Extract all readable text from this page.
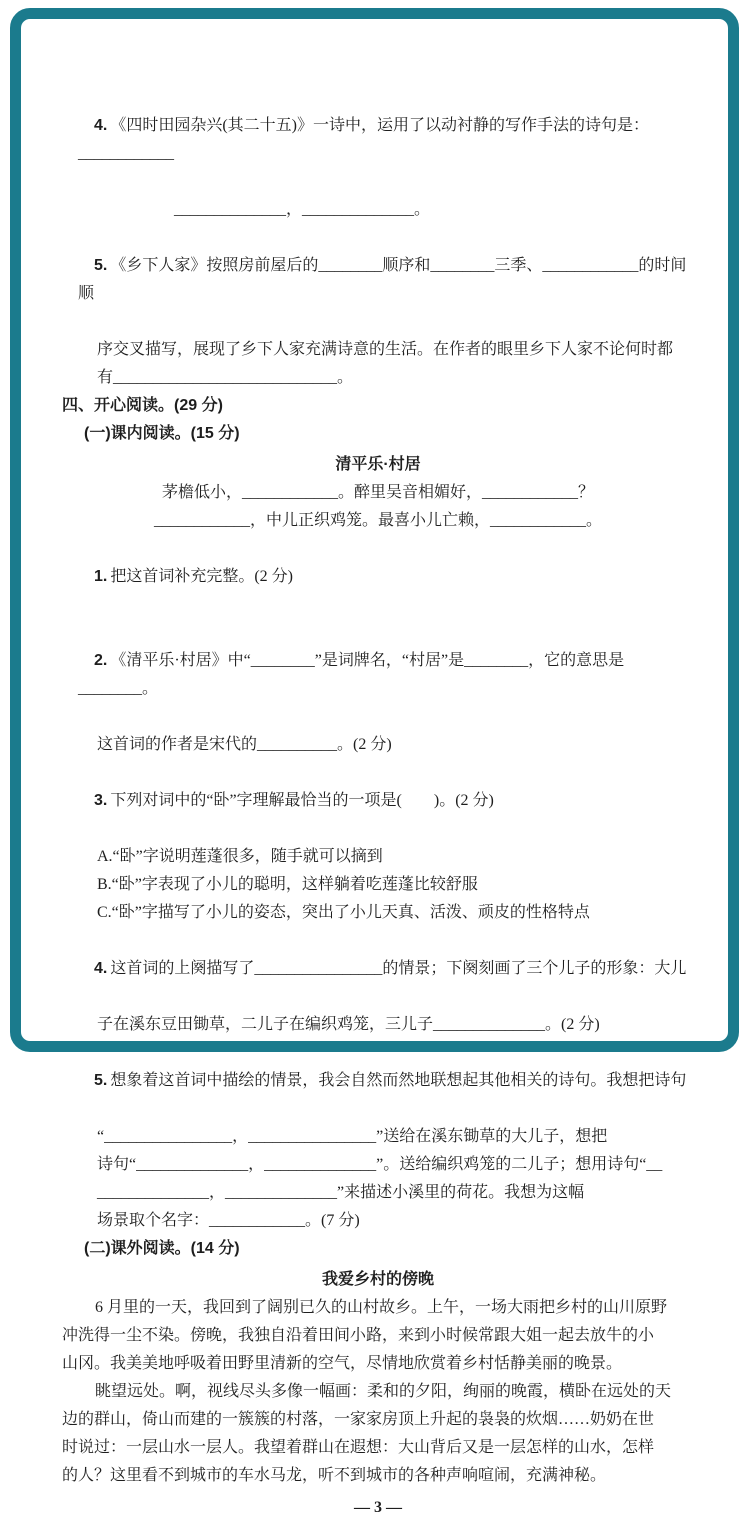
4. 《四时田园杂兴(其二十五)》一诗中，运用了以动衬静的写作手法的诗句是：____________

______________，______________。

5. 《乡下人家》按照房前屋后的________顺序和________三季、____________的时间顺

序交叉描写，展现了乡下人家充满诗意的生活。在作者的眼里乡下人家不论何时都
有____________________________。
四、开心阅读。(29 分)
(一)课内阅读。(15 分)
清平乐·村居
茅檐低小，____________。醉里吴音相媚好，____________？
____________，中儿正织鸡笼。最喜小儿亡赖，____________。

1. 把这首词补充完整。(2 分)

2. 《清平乐·村居》中“________”是词牌名，“村居”是________，它的意思是________。

这首词的作者是宋代的__________。(2 分)

3. 下列对词中的“卧”字理解最恰当的一项是(　　)。(2 分)

A.“卧”字说明莲蓬很多，随手就可以摘到
B.“卧”字表现了小儿的聪明，这样躺着吃莲蓬比较舒服
C.“卧”字描写了小儿的姿态，突出了小儿天真、活泼、顽皮的性格特点

4. 这首词的上阕描写了________________的情景；下阕刻画了三个儿子的形象：大儿

子在溪东豆田锄草，二儿子在编织鸡笼，三儿子______________。(2 分)

5. 想象着这首词中描绘的情景，我会自然而然地联想起其他相关的诗句。我想把诗句

“________________，________________”送给在溪东锄草的大儿子，想把
诗句“______________，______________”。送给编织鸡笼的二儿子；想用诗句“__
______________，______________”来描述小溪里的荷花。我想为这幅
场景取个名字：____________。(7 分)
(二)课外阅读。(14 分)
我爱乡村的傍晚
6 月里的一天，我回到了阔别已久的山村故乡。上午，一场大雨把乡村的山川原野
冲洗得一尘不染。傍晚，我独自沿着田间小路，来到小时候常跟大姐一起去放牛的小
山冈。我美美地呼吸着田野里清新的空气，尽情地欣赏着乡村恬静美丽的晚景。
眺望远处。啊，视线尽头多像一幅画：柔和的夕阳，绚丽的晚霞，横卧在远处的天
边的群山，倚山而建的一簇簇的村落，一家家房顶上升起的袅袅的炊烟……奶奶在世
时说过：一层山水一层人。我望着群山在遐想：大山背后又是一层怎样的山水，怎样
的人？这里看不到城市的车水马龙，听不到城市的各种声响喧闹，充满神秘。
— 3 —
